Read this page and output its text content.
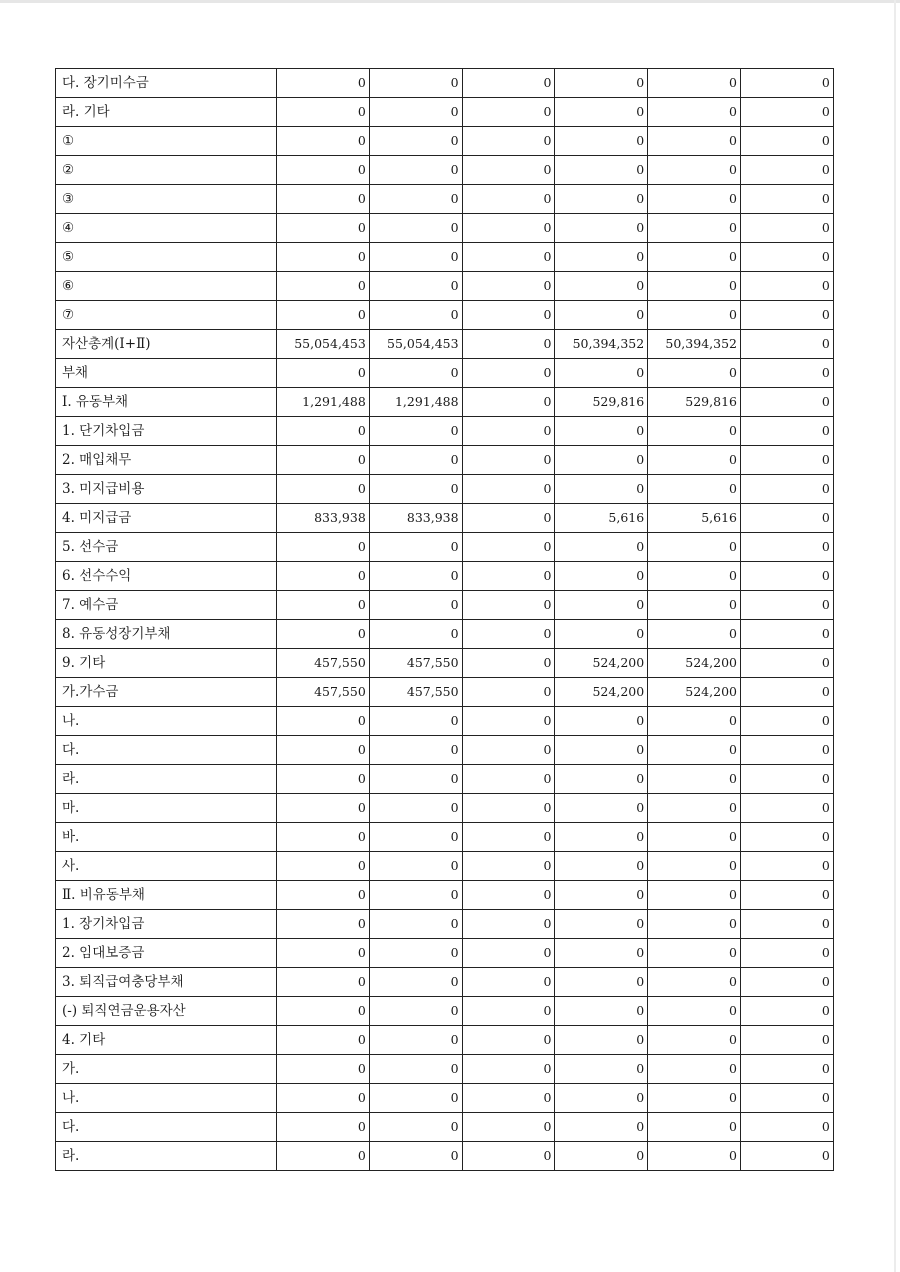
다. 장기미수금	0	0	0	0	0	0
라. 기타	0	0	0	0	0	0
①	0	0	0	0	0	0
②	0	0	0	0	0	0
③	0	0	0	0	0	0
④	0	0	0	0	0	0
⑤	0	0	0	0	0	0
⑥	0	0	0	0	0	0
⑦	0	0	0	0	0	0
자산총계(Ⅰ+Ⅱ)	55,054,453	55,054,453	0	50,394,352	50,394,352	0
부채	0	0	0	0	0	0
Ⅰ. 유동부채	1,291,488	1,291,488	0	529,816	529,816	0
1. 단기차입금	0	0	0	0	0	0
2. 매입채무	0	0	0	0	0	0
3. 미지급비용	0	0	0	0	0	0
4. 미지급금	833,938	833,938	0	5,616	5,616	0
5. 선수금	0	0	0	0	0	0
6. 선수수익	0	0	0	0	0	0
7. 예수금	0	0	0	0	0	0
8. 유동성장기부채	0	0	0	0	0	0
9. 기타	457,550	457,550	0	524,200	524,200	0
가.가수금	457,550	457,550	0	524,200	524,200	0
나.	0	0	0	0	0	0
다.	0	0	0	0	0	0
라.	0	0	0	0	0	0
마.	0	0	0	0	0	0
바.	0	0	0	0	0	0
사.	0	0	0	0	0	0
Ⅱ. 비유동부채	0	0	0	0	0	0
1. 장기차입금	0	0	0	0	0	0
2. 임대보증금	0	0	0	0	0	0
3. 퇴직급여충당부채	0	0	0	0	0	0
(-) 퇴직연금운용자산	0	0	0	0	0	0
4. 기타	0	0	0	0	0	0
가.	0	0	0	0	0	0
나.	0	0	0	0	0	0
다.	0	0	0	0	0	0
라.	0	0	0	0	0	0
